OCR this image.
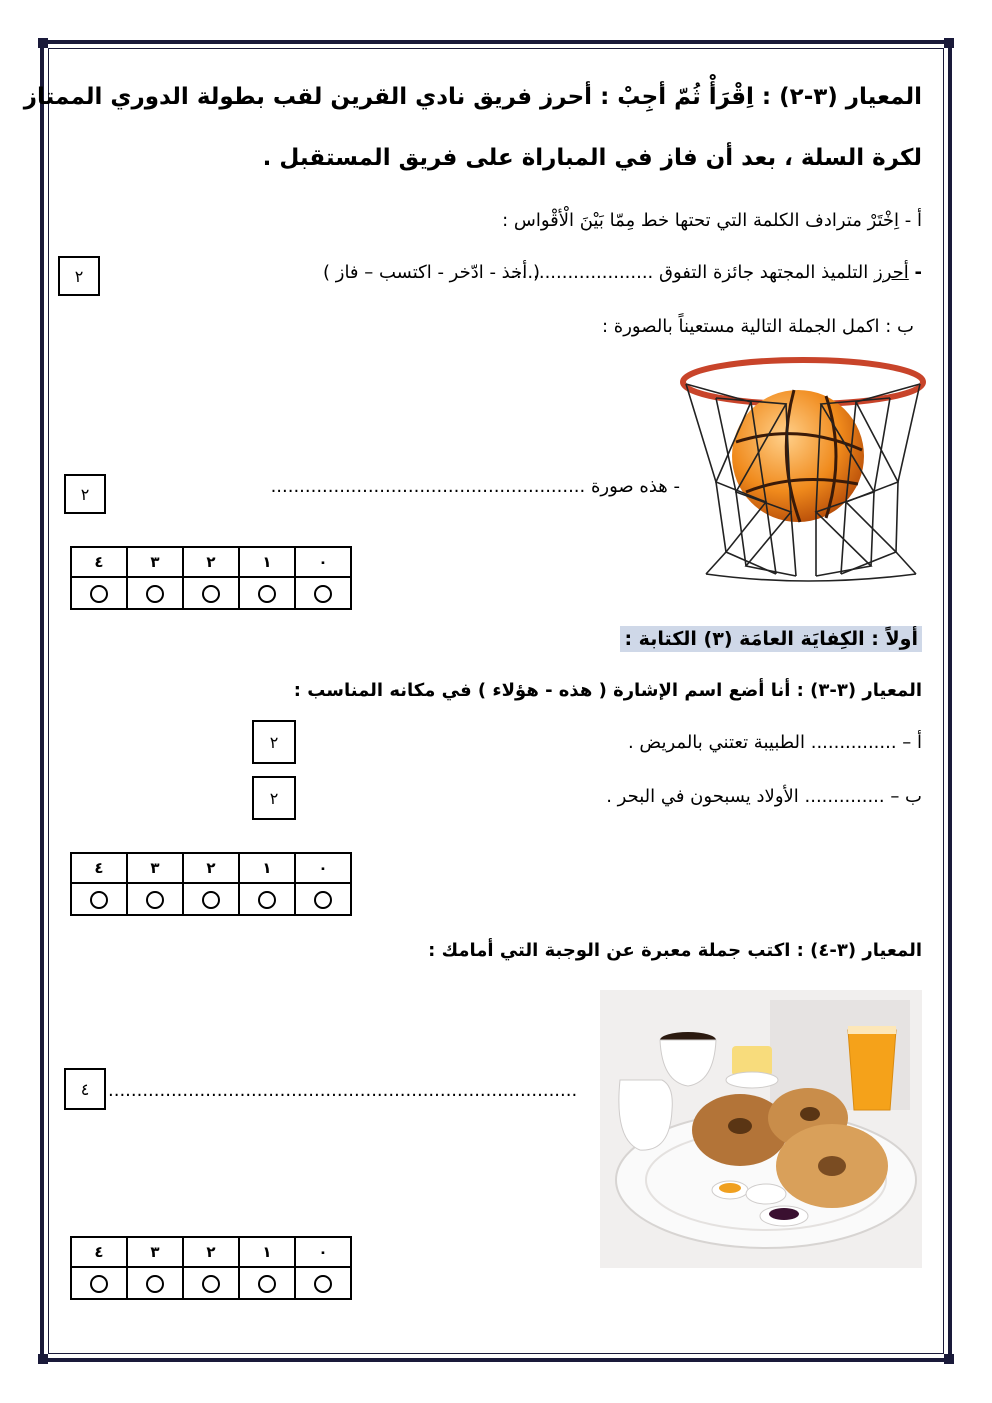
المعيار (٣-٢) : اِقْرَأْ ثُمّ أجِبْ : أحرز فريق نادي القرين لقب بطولة الدوري الممتاز
لكرة السلة ، بعد أن فاز في المباراة على فريق المستقبل .
أ - اِخْتَرْ مترادف الكلمة التي تحتها خط مِمّا بَيْنَ الْأقْواس :
- أحرز التلميذ المجتهد جائزة التفوق .........................
( أخذ - ادّخر - اكتسب – فاز )
٢
ب : اكمل الجملة التالية مستعيناً بالصورة :
- هذه صورة .......................................................
٢
٠	١	٢	٣	٤

أولاً : الكِفايَة العامَة (٣) الكتابة :
المعيار (٣-٣) : أنا أضع اسم الإشارة ( هذه - هؤلاء ) في مكانه المناسب :
أ – ............... الطبيبة تعتني بالمريض .
٢
ب – .............. الأولاد يسبحون في البحر .
٢
٠	١	٢	٣	٤

المعيار (٣-٤) : اكتب جملة معبرة عن الوجبة التي أمامك :
..................................................................................
٤
٠	١	٢	٣	٤
